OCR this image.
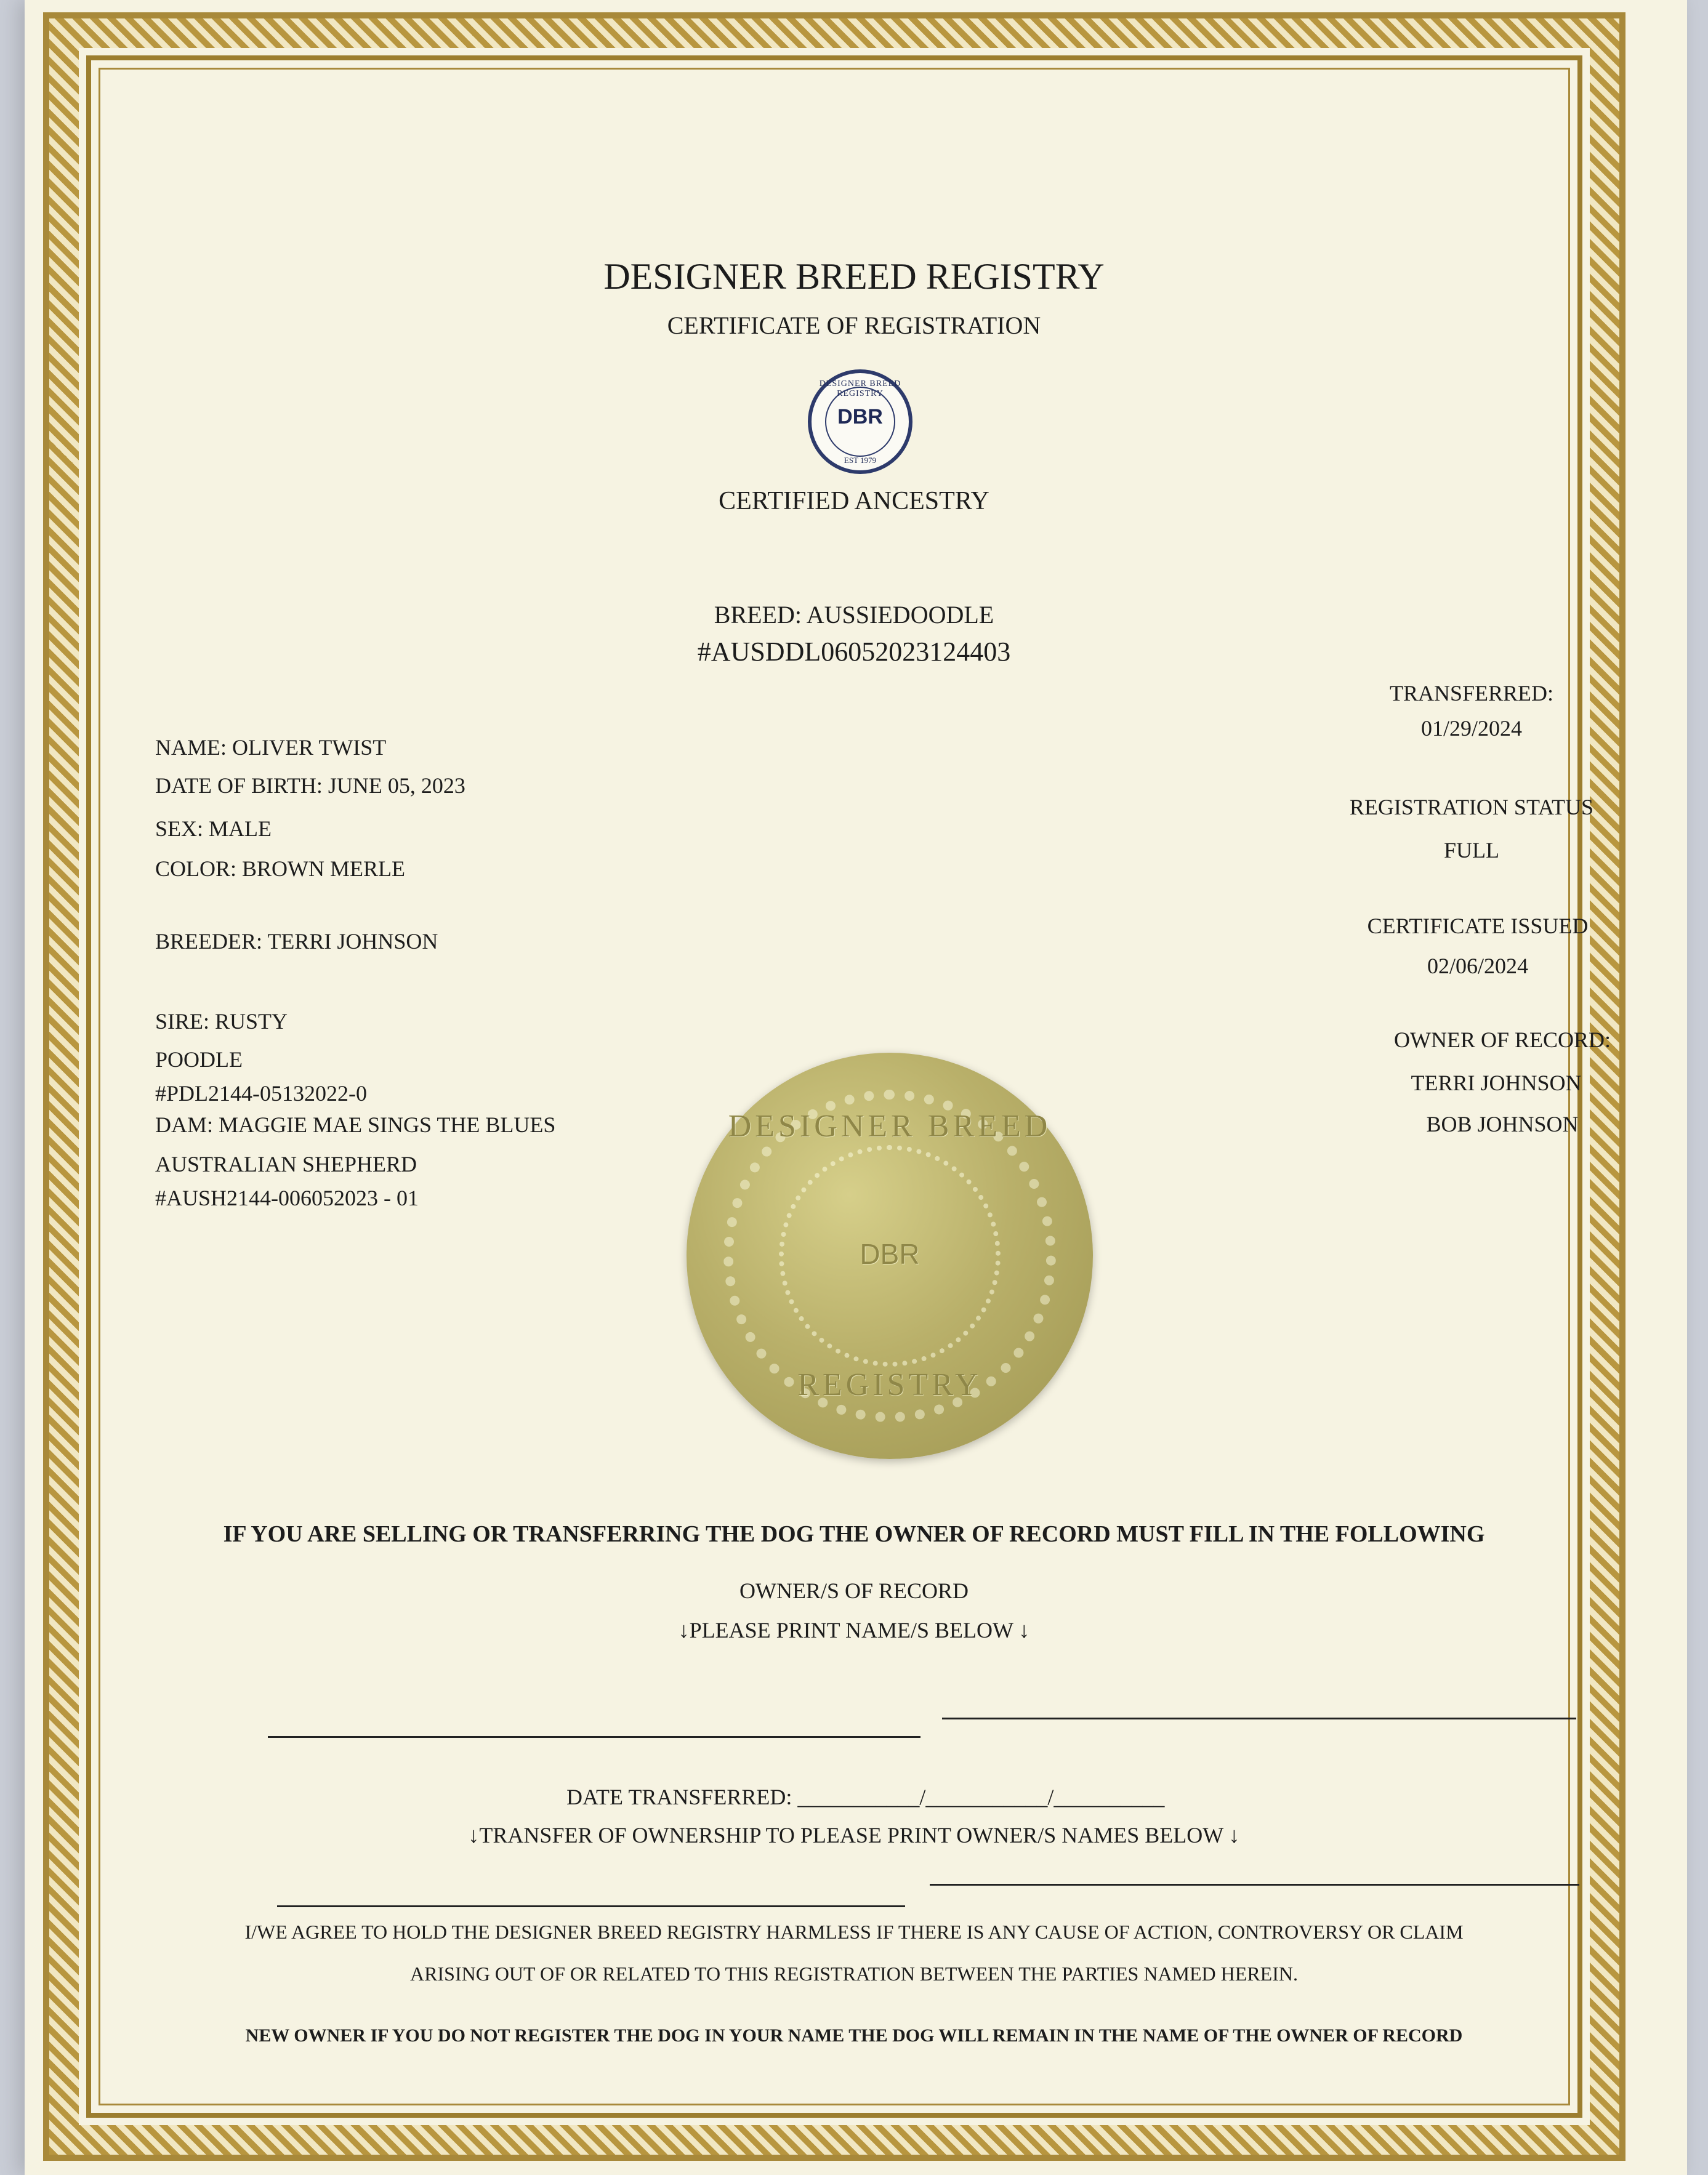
DESIGNER BREED REGISTRY
CERTIFICATE OF REGISTRATION
DESIGNER BREED REGISTRY
DBR
EST 1979
CERTIFIED ANCESTRY
BREED: AUSSIEDOODLE
#AUSDDL06052023124403
NAME: OLIVER TWIST
DATE OF BIRTH: JUNE 05, 2023
SEX: MALE
COLOR: BROWN MERLE
BREEDER: TERRI JOHNSON
SIRE: RUSTY
POODLE
#PDL2144-05132022-0
DAM: MAGGIE MAE SINGS THE BLUES
AUSTRALIAN SHEPHERD
#AUSH2144-006052023 - 01
TRANSFERRED:
01/29/2024
REGISTRATION STATUS
FULL
CERTIFICATE ISSUED
02/06/2024
OWNER OF RECORD:
TERRI JOHNSON
BOB JOHNSON
DESIGNER BREED
DBR
REGISTRY
IF YOU ARE SELLING OR TRANSFERRING THE DOG THE OWNER OF RECORD MUST FILL IN THE FOLLOWING
OWNER/S OF RECORD
↓PLEASE PRINT NAME/S BELOW ↓
DATE TRANSFERRED: ___________/___________/__________
↓TRANSFER OF OWNERSHIP TO PLEASE PRINT OWNER/S NAMES BELOW ↓
I/WE AGREE TO HOLD THE DESIGNER BREED REGISTRY HARMLESS IF THERE IS ANY CAUSE OF ACTION, CONTROVERSY OR CLAIM
ARISING OUT OF OR RELATED TO THIS REGISTRATION BETWEEN THE PARTIES NAMED HEREIN.
NEW OWNER IF YOU DO NOT REGISTER THE DOG IN YOUR NAME THE DOG WILL REMAIN IN THE NAME OF THE OWNER OF RECORD
